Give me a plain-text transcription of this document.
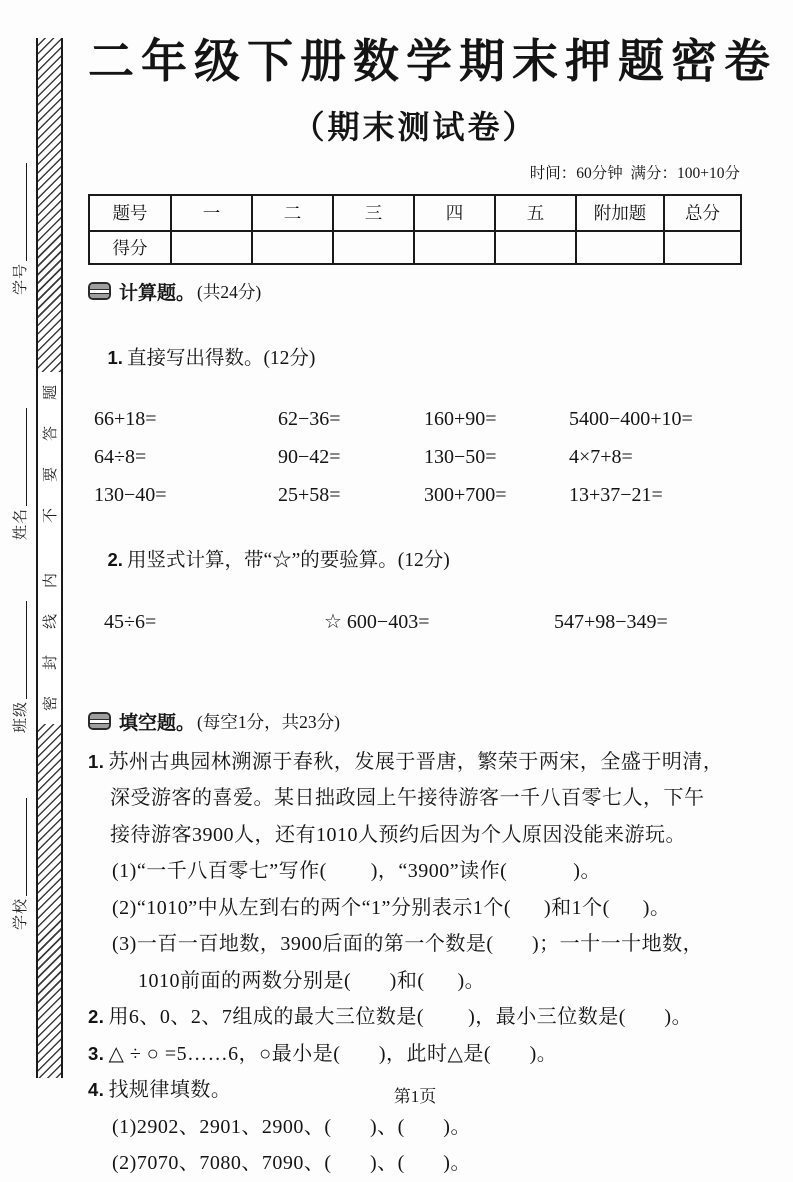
学号
姓名
班级
学校
题
答
要
不
内
线
封
密
二年级下册数学期末押题密卷
（期末测试卷）
时间：60分钟  满分：100+10分
题号	一	二	三	四	五	附加题	总分
得分							
计算题。 (共24分)

1. 直接写出得数。(12分)

66+18=	62−36=	160+90=	5400−400+10=
64÷8=	90−42=	130−50=	4×7+8=
130−40=	25+58=	300+700=	13+37−21=

2. 用竖式计算，带“☆”的要验算。(12分)

45÷6=	☆ 600−403=	547+98−349=
填空题。 (每空1分，共23分)
1. 苏州古典园林溯源于春秋，发展于晋唐，繁荣于两宋，全盛于明清，
深受游客的喜爱。某日拙政园上午接待游客一千八百零七人，下午
接待游客3900人，还有1010人预约后因为个人原因没能来游玩。
(1)“一千八百零七”写作(        )，“3900”读作(            )。
(2)“1010”中从左到右的两个“1”分别表示1个(      )和1个(      )。
(3)一百一百地数，3900后面的第一个数是(       )；一十一十地数，
1010前面的两数分别是(       )和(      )。
2. 用6、0、2、7组成的最大三位数是(        )，最小三位数是(       )。
3. △ ÷ ○ =5……6，○最小是(       )，此时△是(       )。
4. 找规律填数。
(1)2902、2901、2900、(       )、(       )。
(2)7070、7080、7090、(       )、(       )。
第1页
